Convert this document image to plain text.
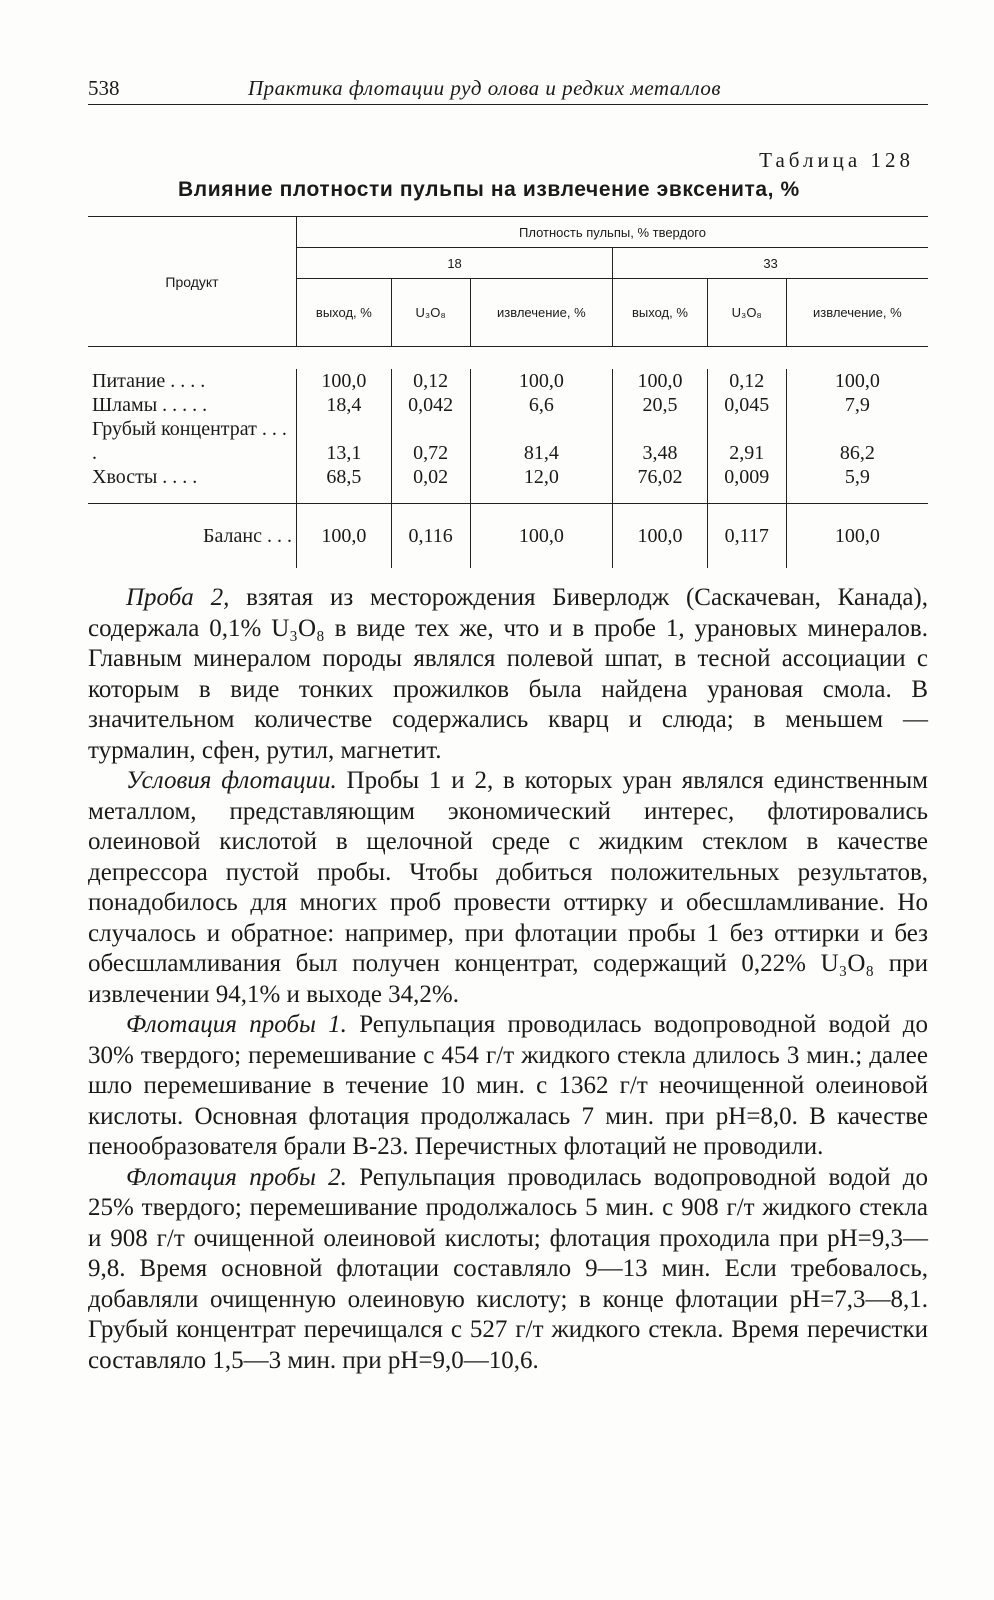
538	Практика флотации руд олова и редких металлов
Таблица 128
Влияние плотности пульпы на извлечение эвксенита, %
Продукт	Плотность пульпы, % твердого					
	18			33		
	выход, %	U₃O₈	извлечение, %	выход, %	U₃O₈	извлечение, %

Питание . . . .	100,0	0,12	100,0	100,0	0,12	100,0
Шламы . . . . .	18,4	0,042	6,6	20,5	0,045	7,9
Грубый концентрат . . . .	13,1	0,72	81,4	3,48	2,91	86,2
Хвосты . . . .	68,5	0,02	12,0	76,02	0,009	5,9
Баланс . . .	100,0	0,116	100,0	100,0	0,117	100,0

Проба 2, взятая из месторождения Биверлодж (Саскачеван, Канада), содержала 0,1% U₃O₈ в виде тех же, что и в пробе 1, урановых минералов. Главным минералом породы являлся полевой шпат, в тесной ассоциации с которым в виде тонких прожилков была найдена урановая смола. В значительном количестве содержались кварц и слюда; в меньшем — турмалин, сфен, рутил, магнетит.

Условия флотации. Пробы 1 и 2, в которых уран являлся единственным металлом, представляющим экономический интерес, флотировались олеиновой кислотой в щелочной среде с жидким стеклом в качестве депрессора пустой пробы. Чтобы добиться положительных результатов, понадобилось для многих проб провести оттирку и обесшламливание. Но случалось и обратное: например, при флотации пробы 1 без оттирки и без обесшламливания был получен концентрат, содержащий 0,22% U₃O₈ при извлечении 94,1% и выходе 34,2%.

Флотация пробы 1. Репульпация проводилась водопроводной водой до 30% твердого; перемешивание с 454 г/т жидкого стекла длилось 3 мин.; далее шло перемешивание в течение 10 мин. с 1362 г/т неочищенной олеиновой кислоты. Основная флотация продолжалась 7 мин. при pH=8,0. В качестве пенообразователя брали В-23. Перечистных флотаций не проводили.

Флотация пробы 2. Репульпация проводилась водопроводной водой до 25% твердого; перемешивание продолжалось 5 мин. с 908 г/т жидкого стекла и 908 г/т очищенной олеиновой кислоты; флотация проходила при pH=9,3—9,8. Время основной флотации составляло 9—13 мин. Если требовалось, добавляли очищенную олеиновую кислоту; в конце флотации pH=7,3—8,1. Грубый концентрат перечищался с 527 г/т жидкого стекла. Время перечистки составляло 1,5—3 мин. при pH=9,0—10,6.
